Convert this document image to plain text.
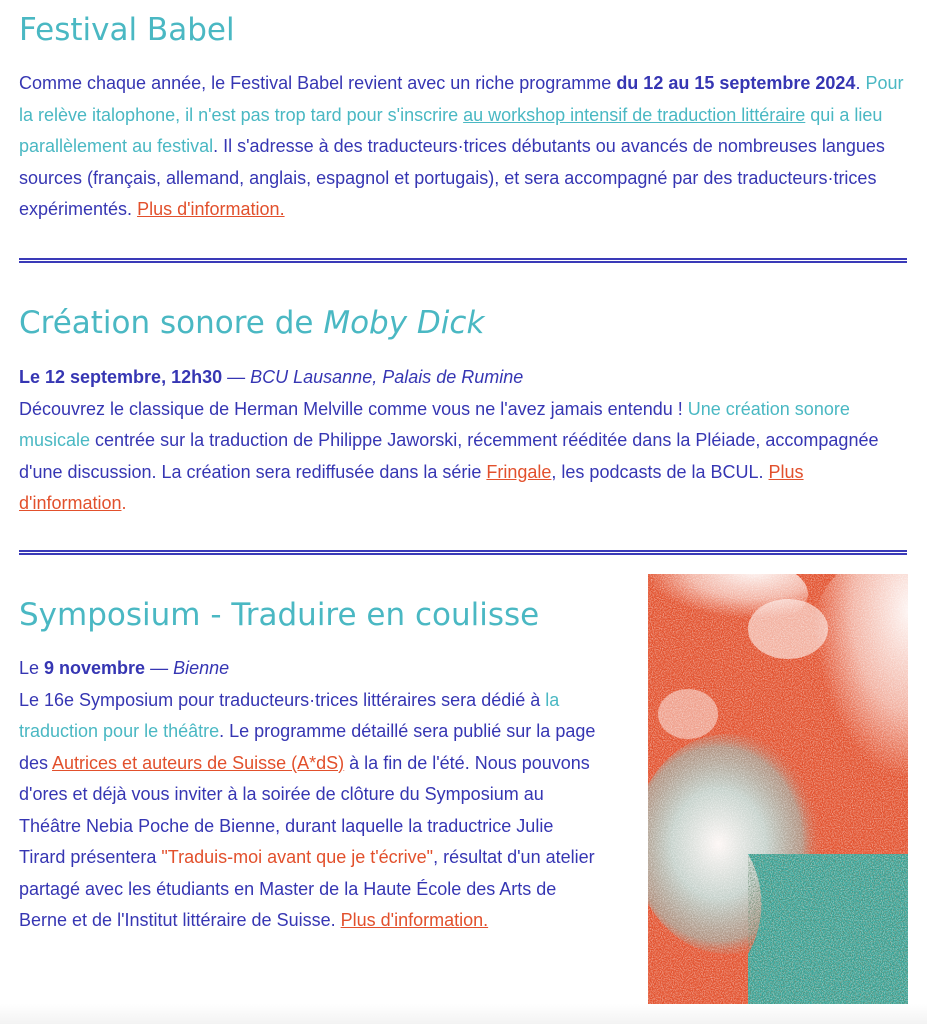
Festival Babel

Comme chaque année, le Festival Babel revient avec un riche programme du 12 au 15 septembre 2024. Pour la relève italophone, il n'est pas trop tard pour s'inscrire au workshop intensif de traduction littéraire qui a lieu parallèlement au festival. Il s'adresse à des traducteurs·trices débutants ou avancés de nombreuses langues sources (français, allemand, anglais, espagnol et portugais), et sera accompagné par des traducteurs·trices expérimentés. Plus d'information.

Création sonore de Moby Dick

Le 12 septembre, 12h30 — BCU Lausanne, Palais de Rumine
Découvrez le classique de Herman Melville comme vous ne l'avez jamais entendu ! Une création sonore musicale centrée sur la traduction de Philippe Jaworski, récemment rééditée dans la Pléiade, accompagnée d'une discussion. La création sera rediffusée dans la série Fringale, les podcasts de la BCUL. Plus d'information.

Symposium - Traduire en coulisse

Le 9 novembre — Bienne
Le 16e Symposium pour traducteurs·trices littéraires sera dédié à la traduction pour le théâtre. Le programme détaillé sera publié sur la page des Autrices et auteurs de Suisse (A*dS) à la fin de l'été. Nous pouvons d'ores et déjà vous inviter à la soirée de clôture du Symposium au Théâtre Nebia Poche de Bienne, durant laquelle la traductrice Julie Tirard présentera "Traduis-moi avant que je t'écrive", résultat d'un atelier partagé avec les étudiants en Master de la Haute École des Arts de Berne et de l'Institut littéraire de Suisse. Plus d'information.
